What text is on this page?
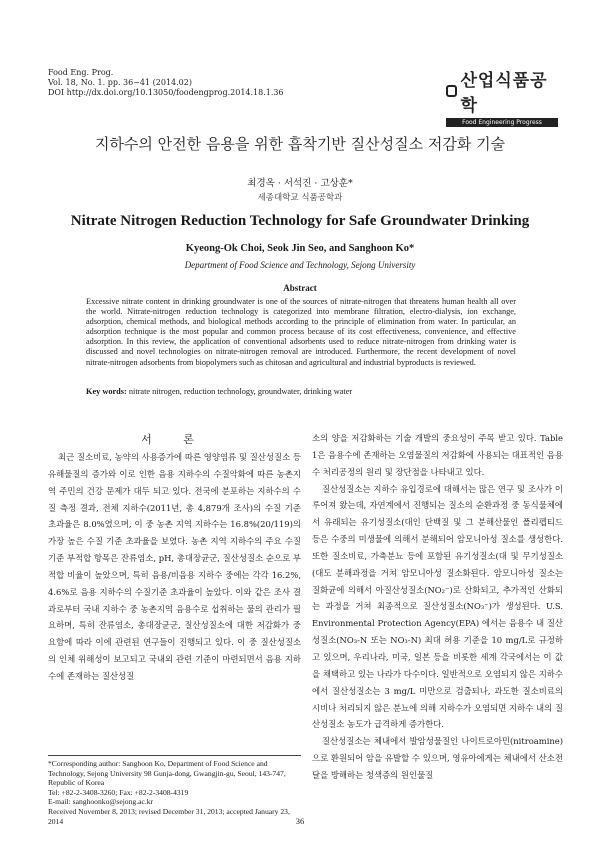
Food Eng. Prog.
Vol. 18, No. 1. pp. 36~41 (2014.02)
DOI http://dx.doi.org/10.13050/foodengprog.2014.18.1.36
산업식품공학
Food Engineering Progress
지하수의 안전한 음용을 위한 흡착기반 질산성질소 저감화 기술
최경옥 · 서석진 · 고상훈*
세종대학교 식품공학과
Nitrate Nitrogen Reduction Technology for Safe Groundwater Drinking
Kyeong-Ok Choi, Seok Jin Seo, and Sanghoon Ko*
Department of Food Science and Technology, Sejong University
Abstract
Excessive nitrate content in drinking groundwater is one of the sources of nitrate-nitrogen that threatens human health all over the world. Nitrate-nitrogen reduction technology is categorized into membrane filtration, electro-dialysis, ion exchange, adsorption, chemical methods, and biological methods according to the principle of elimination from water. In particular, an adsorption technique is the most popular and common process because of its cost effectiveness, convenience, and effective adsorption. In this review, the application of conventional adsorbents used to reduce nitrate-nitrogen from drinking water is discussed and novel technologies on nitrate-nitrogen removal are introduced. Furthermore, the recent development of novel nitrate-nitrogen adsorbents from biopolymers such as chitosan and agricultural and industrial byproducts is reviewed.
Key words: nitrate nitrogen, reduction technology, groundwater, drinking water
서 론

최근 질소비료, 농약의 사용증가에 따른 영양염류 및 질산성질소 등 유해물질의 증가와 이로 인한 음용 지하수의 수질악화에 따른 농촌지역 주민의 건강 문제가 대두 되고 있다. 전국에 분포하는 지하수의 수질 측정 결과, 전체 지하수(2011년, 총 4,879개 조사)의 수질 기준 초과율은 8.0%였으며, 이 중 농촌 지역 지하수는 16.8%(20/119)의 가장 높은 수질 기준 초과율을 보였다. 농촌 지역 지하수의 주요 수질 기준 부적합 항목은 잔류염소, pH, 총대장균군, 질산성질소 순으로 부적합 비율이 높았으며, 특히 음용/비음용 지하수 중에는 각각 16.2%, 4.6%로 음용 지하수의 수질기준 초과율이 높았다. 이와 같은 조사 결과로부터 국내 지하수 중 농촌지역 음용수로 섭취하는 물의 관리가 필요하며, 특히 잔류염소, 총대장균군, 질산성질소에 대한 저감화가 중요함에 따라 이에 관련된 연구들이 진행되고 있다. 이 중 질산성질소의 인체 위해성이 보고되고 국내외 관련 기준이 마련되면서 음용 지하수에 존재하는 질산성질

소의 양을 저감화하는 기술 개발의 중요성이 주목 받고 있다. Table 1은 음용수에 존재하는 오염물질의 저감화에 사용되는 대표적인 음용수 처리공정의 원리 및 장단점을 나타내고 있다.

질산성질소는 지하수 유입경로에 대해서는 많은 연구 및 조사가 이루어져 왔는데, 자연계에서 진행되는 질소의 순환과정 중 동식물체에서 유래되는 유기성질소(대인 단백질 및 그 분해산물인 폴리펩티드 등은 수중의 미생물에 의해서 분해되어 암모니아성 질소를 생성한다. 또한 질소비료, 가축분뇨 등에 포함된 유기성질소(대 및 무기성질소(대도 분해과정을 거쳐 암모니아성 질소화된다. 암모니아성 질소는 질화균에 의해서 아질산성질소(NO₂⁻)로 산화되고, 추가적인 산화되는 과정을 거쳐 최종적으로 질산성질소(NO₃⁻)가 생성된다. U.S. Environmental Protection Agency(EPA) 에서는 음용수 내 질산성질소(NO₃-N 또는 NO₃-N) 최대 허용 기준을 10 mg/L로 규정하고 있으며, 우리나라, 미국, 일본 등을 비롯한 세계 각국에서는 이 값을 채택하고 있는 나라가 다수이다. 일반적으로 오염되지 않은 지하수에서 질산성질소는 3 mg/L 미만으로 검출되나, 과도한 질소비료의 시비나 처리되지 않은 분뇨에 의해 지하수가 오염되면 지하수 내의 질산성질소 농도가 급격하게 증가한다.

질산성질소는 체내에서 발암성물질인 나이트로아민(nitroamine)으로 환원되어 암을 유발할 수 있으며, 영유아에게는 체내에서 산소전달을 방해하는 청색증의 원인물질

*Corresponding author: Sanghoon Ko, Department of Food Science and Technology, Sejong University 98 Gunja-dong, Gwangjin-gu, Seoul, 143-747, Republic of Korea
Tel: +82-2-3408-3260; Fax: +82-2-3408-4319
E-mail: sanghoonko@sejong.ac.kr
Received November 8, 2013; revised December 31, 2013; accepted January 23, 2014	36
